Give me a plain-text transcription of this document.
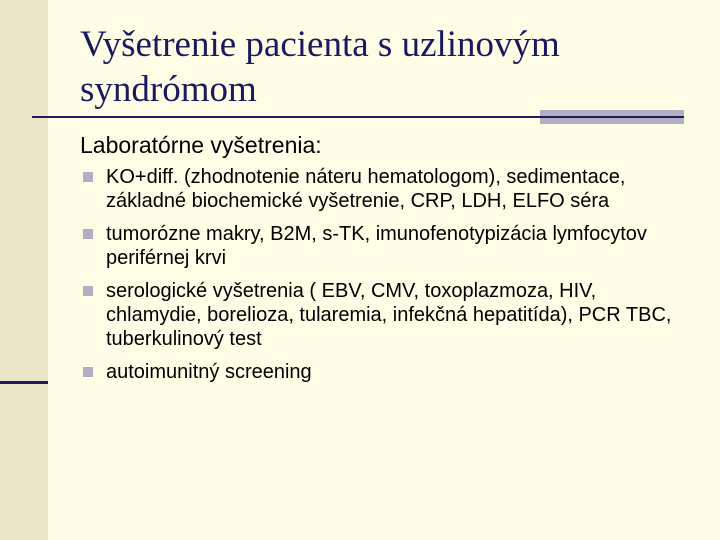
Vyšetrenie pacienta s uzlinovým syndrómom
Laboratórne vyšetrenia:
KO+diff. (zhodnotenie náteru hematologom), sedimentace, základné biochemické vyšetrenie, CRP, LDH, ELFO séra
tumorózne makry, B2M, s-TK, imunofenotypizácia lymfocytov periférnej krvi
serologické vyšetrenia ( EBV, CMV, toxoplazmoza, HIV, chlamydie, borelioza, tularemia, infekčná hepatitída), PCR TBC, tuberkulinový test
autoimunitný screening
